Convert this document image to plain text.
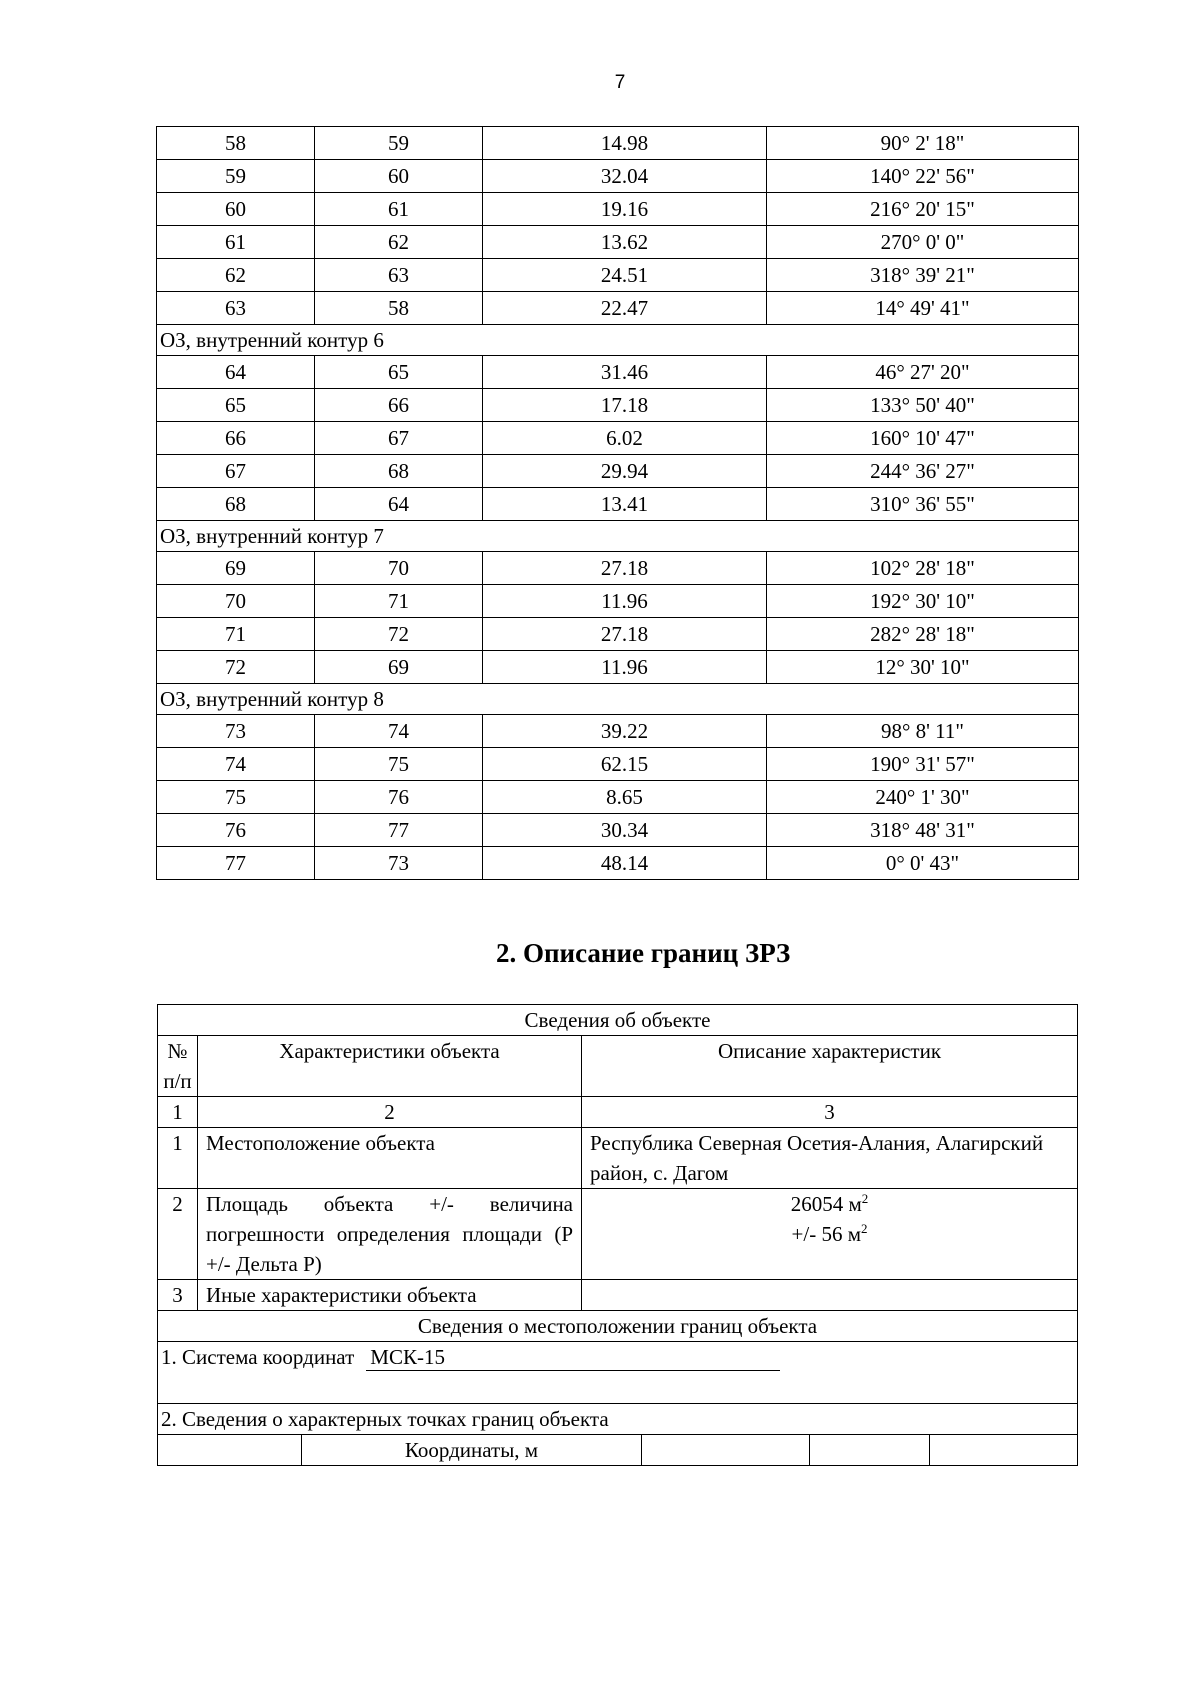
7
58	59	14.98	90° 2' 18"
59	60	32.04	140° 22' 56"
60	61	19.16	216° 20' 15"
61	62	13.62	270° 0' 0"
62	63	24.51	318° 39' 21"
63	58	22.47	14° 49' 41"
ОЗ, внутренний контур 6			
64	65	31.46	46° 27' 20"
65	66	17.18	133° 50' 40"
66	67	6.02	160° 10' 47"
67	68	29.94	244° 36' 27"
68	64	13.41	310° 36' 55"
ОЗ, внутренний контур 7			
69	70	27.18	102° 28' 18"
70	71	11.96	192° 30' 10"
71	72	27.18	282° 28' 18"
72	69	11.96	12° 30' 10"
ОЗ, внутренний контур 8			
73	74	39.22	98° 8' 11"
74	75	62.15	190° 31' 57"
75	76	8.65	240° 1' 30"
76	77	30.34	318° 48' 31"
77	73	48.14	0° 0' 43"
2. Описание границ ЗРЗ
Сведения об объекте						
№ п/п	Характеристики объекта		Описание характеристик			
1	2		3			
1	Местоположение объекта		Республика Северная Осетия-Алания, Алагирский район, с. Дагом			
2	Площадь объекта +/- величина погрешности определения площади (Р +/- Дельта Р)		26054 $м^2$
+/- 56 $м^2$

3	Иные характеристики объекта					
Сведения о местоположении границ объекта						
1. Система координат МСК-15						
2. Сведения о характерных точках границ объекта						
		Координаты, м				
